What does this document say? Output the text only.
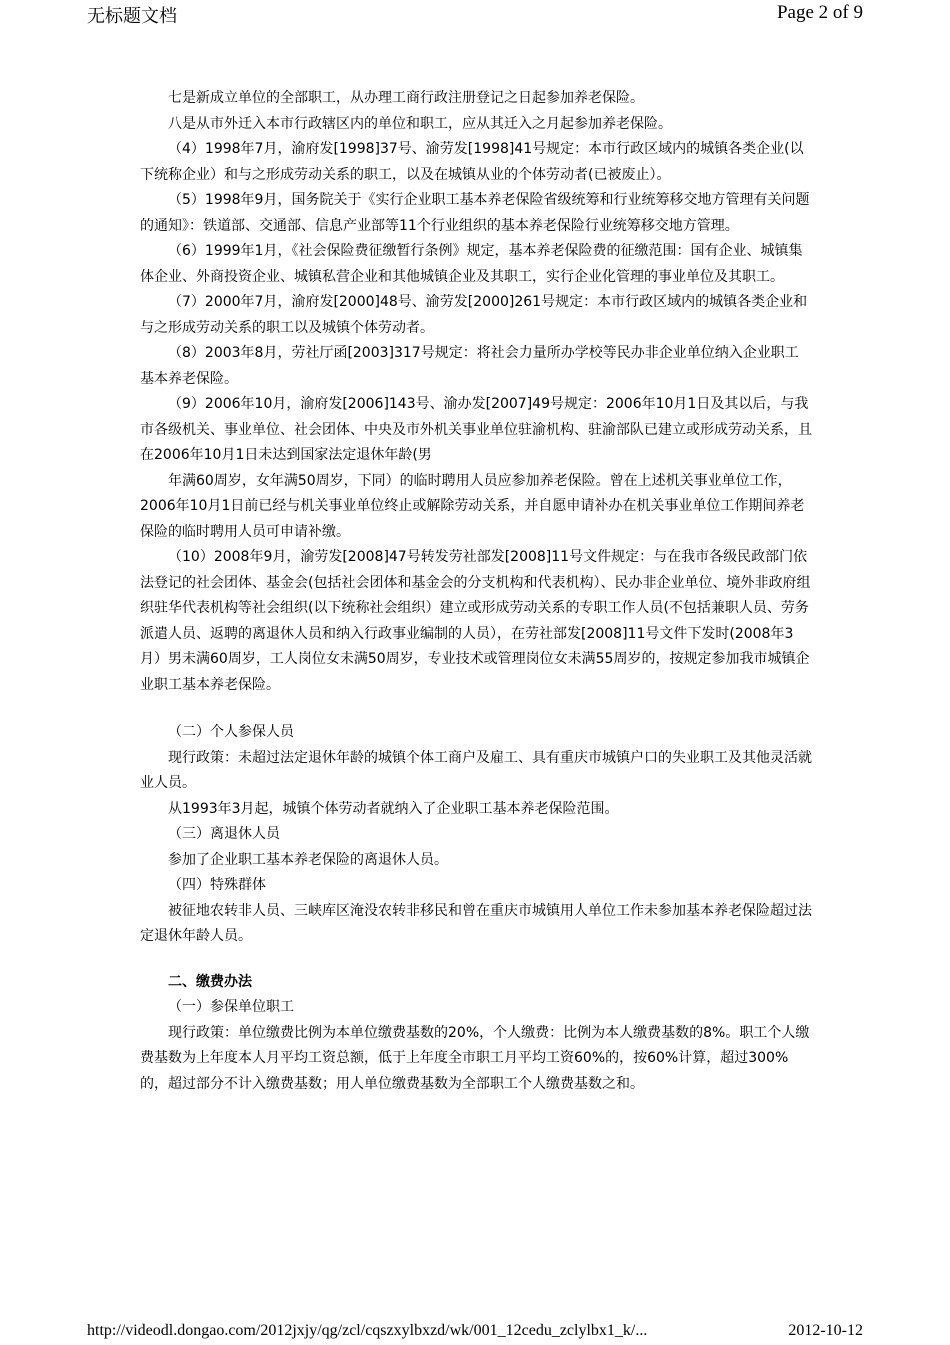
无标题文档	Page 2 of 9

七是新成立单位的全部职工，从办理工商行政注册登记之日起参加养老保险。

八是从市外迁入本市行政辖区内的单位和职工，应从其迁入之月起参加养老保险。

（4）1998年7月，渝府发[1998]37号、渝劳发[1998]41号规定：本市行政区域内的城镇各类企业(以下统称企业）和与之形成劳动关系的职工，以及在城镇从业的个体劳动者(已被废止）。

（5）1998年9月，国务院关于《实行企业职工基本养老保险省级统筹和行业统筹移交地方管理有关问题的通知》：铁道部、交通部、信息产业部等11个行业组织的基本养老保险行业统筹移交地方管理。

（6）1999年1月，《社会保险费征缴暂行条例》规定，基本养老保险费的征缴范围：国有企业、城镇集体企业、外商投资企业、城镇私营企业和其他城镇企业及其职工，实行企业化管理的事业单位及其职工。

（7）2000年7月，渝府发[2000]48号、渝劳发[2000]261号规定：本市行政区域内的城镇各类企业和与之形成劳动关系的职工以及城镇个体劳动者。

（8）2003年8月，劳社厅函[2003]317号规定：将社会力量所办学校等民办非企业单位纳入企业职工基本养老保险。

（9）2006年10月，渝府发[2006]143号、渝办发[2007]49号规定：2006年10月1日及其以后，与我市各级机关、事业单位、社会团体、中央及市外机关事业单位驻渝机构、驻渝部队已建立或形成劳动关系，且在2006年10月1日未达到国家法定退休年龄(男

年满60周岁，女年满50周岁，下同）的临时聘用人员应参加养老保险。曾在上述机关事业单位工作，2006年10月1日前已经与机关事业单位终止或解除劳动关系，并自愿申请补办在机关事业单位工作期间养老保险的临时聘用人员可申请补缴。

（10）2008年9月，渝劳发[2008]47号转发劳社部发[2008]11号文件规定：与在我市各级民政部门依法登记的社会团体、基金会(包括社会团体和基金会的分支机构和代表机构）、民办非企业单位、境外非政府组织驻华代表机构等社会组织(以下统称社会组织）建立或形成劳动关系的专职工作人员(不包括兼职人员、劳务派遣人员、返聘的离退休人员和纳入行政事业编制的人员），在劳社部发[2008]11号文件下发时(2008年3月）男未满60周岁，工人岗位女未满50周岁，专业技术或管理岗位女未满55周岁的，按规定参加我市城镇企业职工基本养老保险。

（二）个人参保人员

现行政策：未超过法定退休年龄的城镇个体工商户及雇工、具有重庆市城镇户口的失业职工及其他灵活就业人员。

从1993年3月起，城镇个体劳动者就纳入了企业职工基本养老保险范围。

（三）离退休人员

参加了企业职工基本养老保险的离退休人员。

（四）特殊群体

被征地农转非人员、三峡库区淹没农转非移民和曾在重庆市城镇用人单位工作未参加基本养老保险超过法定退休年龄人员。

二、缴费办法

（一）参保单位职工

现行政策：单位缴费比例为本单位缴费基数的20%，个人缴费：比例为本人缴费基数的8%。职工个人缴费基数为上年度本人月平均工资总额，低于上年度全市职工月平均工资60%的，按60%计算，超过300%的，超过部分不计入缴费基数；用人单位缴费基数为全部职工个人缴费基数之和。

http://videodl.dongao.com/2012jxjy/qg/zcl/cqszxylbxzd/wk/001_12cedu_zclylbx1_k/...	2012-10-12
